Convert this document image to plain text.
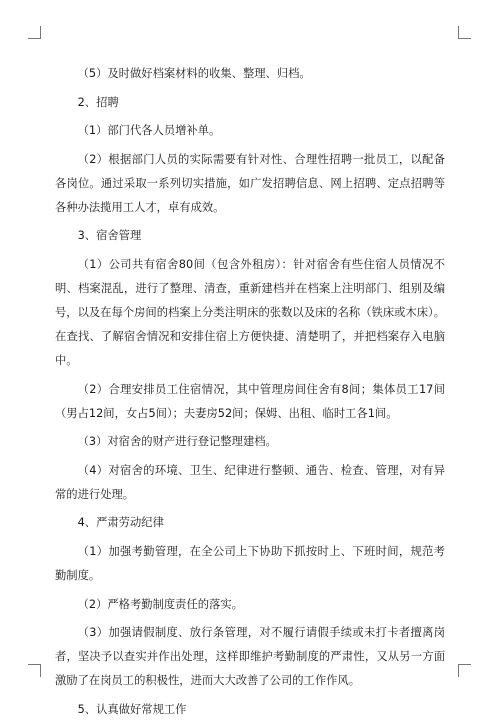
（5）及时做好档案材料的收集、整理、归档。

2、招聘

（1）部门代各人员增补单。

（2）根据部门人员的实际需要有针对性、合理性招聘一批员工，以配备各岗位。通过采取一系列切实措施，如广发招聘信息、网上招聘、定点招聘等各种办法揽用工人才，卓有成效。

3、宿舍管理

（1）公司共有宿舍80间（包含外租房）：针对宿舍有些住宿人员情况不明、档案混乱，进行了整理、清查，重新建档并在档案上注明部门、组别及编号，以及在每个房间的档案上分类注明床的张数以及床的名称（铁床或木床）。在查找、了解宿舍情况和安排住宿上方便快捷、清楚明了，并把档案存入电脑中。

（2）合理安排员工住宿情况，其中管理房间住舍有8间；集体员工17间（男占12间，女占5间）；夫妻房52间；保姆、出租、临时工各1间。

（3）对宿舍的财产进行登记整理建档。

（4）对宿舍的环境、卫生、纪律进行整顿、通告、检查、管理，对有异常的进行处理。

4、严肃劳动纪律

（1）加强考勤管理，在全公司上下协助下抓按时上、下班时间，规范考勤制度。

（2）严格考勤制度责任的落实。

（3）加强请假制度、放行条管理，对不履行请假手续或未打卡者擅离岗者，坚决予以查实并作出处理，这样即维护考勤制度的严肃性，又从另一方面激励了在岗员工的积极性，进而大大改善了公司的工作作风。

5、认真做好常规工作
